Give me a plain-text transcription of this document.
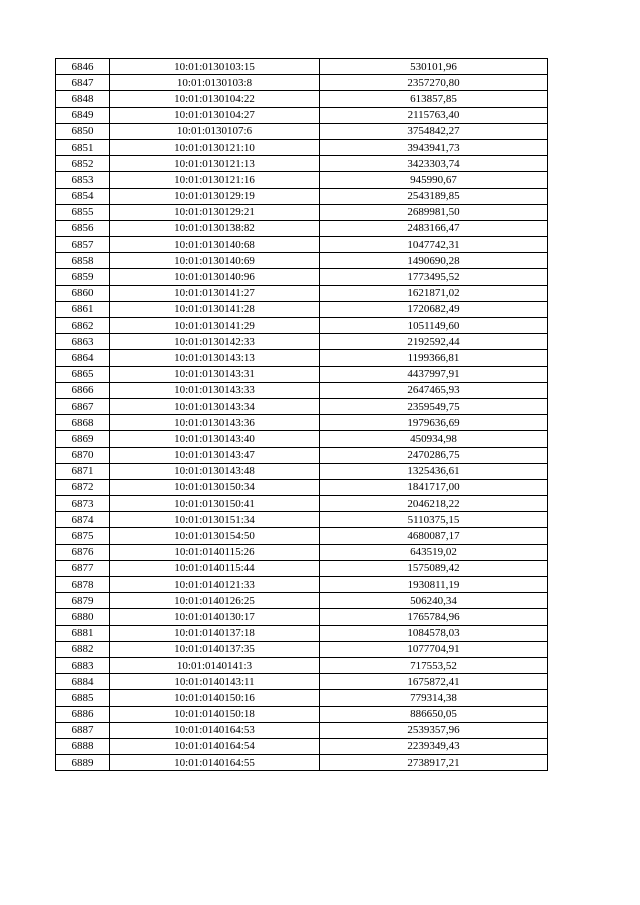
6846	10:01:0130103:15	530101,96
6847	10:01:0130103:8	2357270,80
6848	10:01:0130104:22	613857,85
6849	10:01:0130104:27	2115763,40
6850	10:01:0130107:6	3754842,27
6851	10:01:0130121:10	3943941,73
6852	10:01:0130121:13	3423303,74
6853	10:01:0130121:16	945990,67
6854	10:01:0130129:19	2543189,85
6855	10:01:0130129:21	2689981,50
6856	10:01:0130138:82	2483166,47
6857	10:01:0130140:68	1047742,31
6858	10:01:0130140:69	1490690,28
6859	10:01:0130140:96	1773495,52
6860	10:01:0130141:27	1621871,02
6861	10:01:0130141:28	1720682,49
6862	10:01:0130141:29	1051149,60
6863	10:01:0130142:33	2192592,44
6864	10:01:0130143:13	1199366,81
6865	10:01:0130143:31	4437997,91
6866	10:01:0130143:33	2647465,93
6867	10:01:0130143:34	2359549,75
6868	10:01:0130143:36	1979636,69
6869	10:01:0130143:40	450934,98
6870	10:01:0130143:47	2470286,75
6871	10:01:0130143:48	1325436,61
6872	10:01:0130150:34	1841717,00
6873	10:01:0130150:41	2046218,22
6874	10:01:0130151:34	5110375,15
6875	10:01:0130154:50	4680087,17
6876	10:01:0140115:26	643519,02
6877	10:01:0140115:44	1575089,42
6878	10:01:0140121:33	1930811,19
6879	10:01:0140126:25	506240,34
6880	10:01:0140130:17	1765784,96
6881	10:01:0140137:18	1084578,03
6882	10:01:0140137:35	1077704,91
6883	10:01:0140141:3	717553,52
6884	10:01:0140143:11	1675872,41
6885	10:01:0140150:16	779314,38
6886	10:01:0140150:18	886650,05
6887	10:01:0140164:53	2539357,96
6888	10:01:0140164:54	2239349,43
6889	10:01:0140164:55	2738917,21
